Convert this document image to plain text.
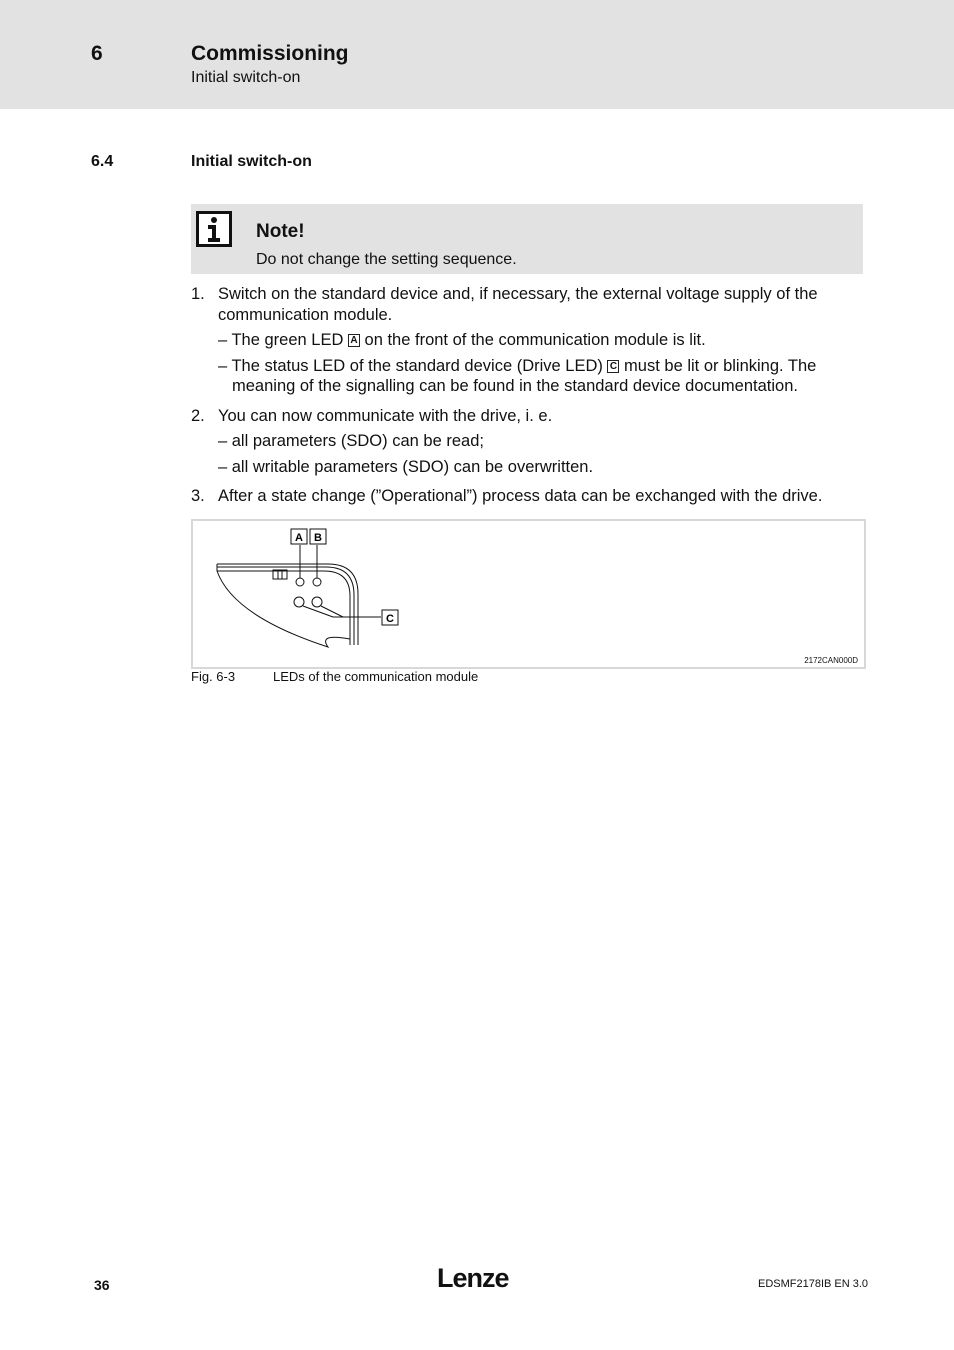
6	Commissioning
Initial switch-on
6.4	Initial switch-on
Note!
Do not change the setting sequence.
1. Switch on the standard device and, if necessary, the external voltage supply of the
communication module.
– The green LED A on the front of the communication module is lit.
– The status LED of the standard device (Drive LED) C must be lit or blinking. The
meaning of the signalling can be found in the standard device documentation.
2. You can now communicate with the drive, i. e.
– all parameters (SDO) can be read;
– all writable parameters (SDO) can be overwritten.
3. After a state change (”Operational”) process data can be exchanged with the drive.
A B
C
2172CAN000D
Fig. 6-3	LEDs of the communication module
36	Lenze	EDSMF2178IB EN 3.0
